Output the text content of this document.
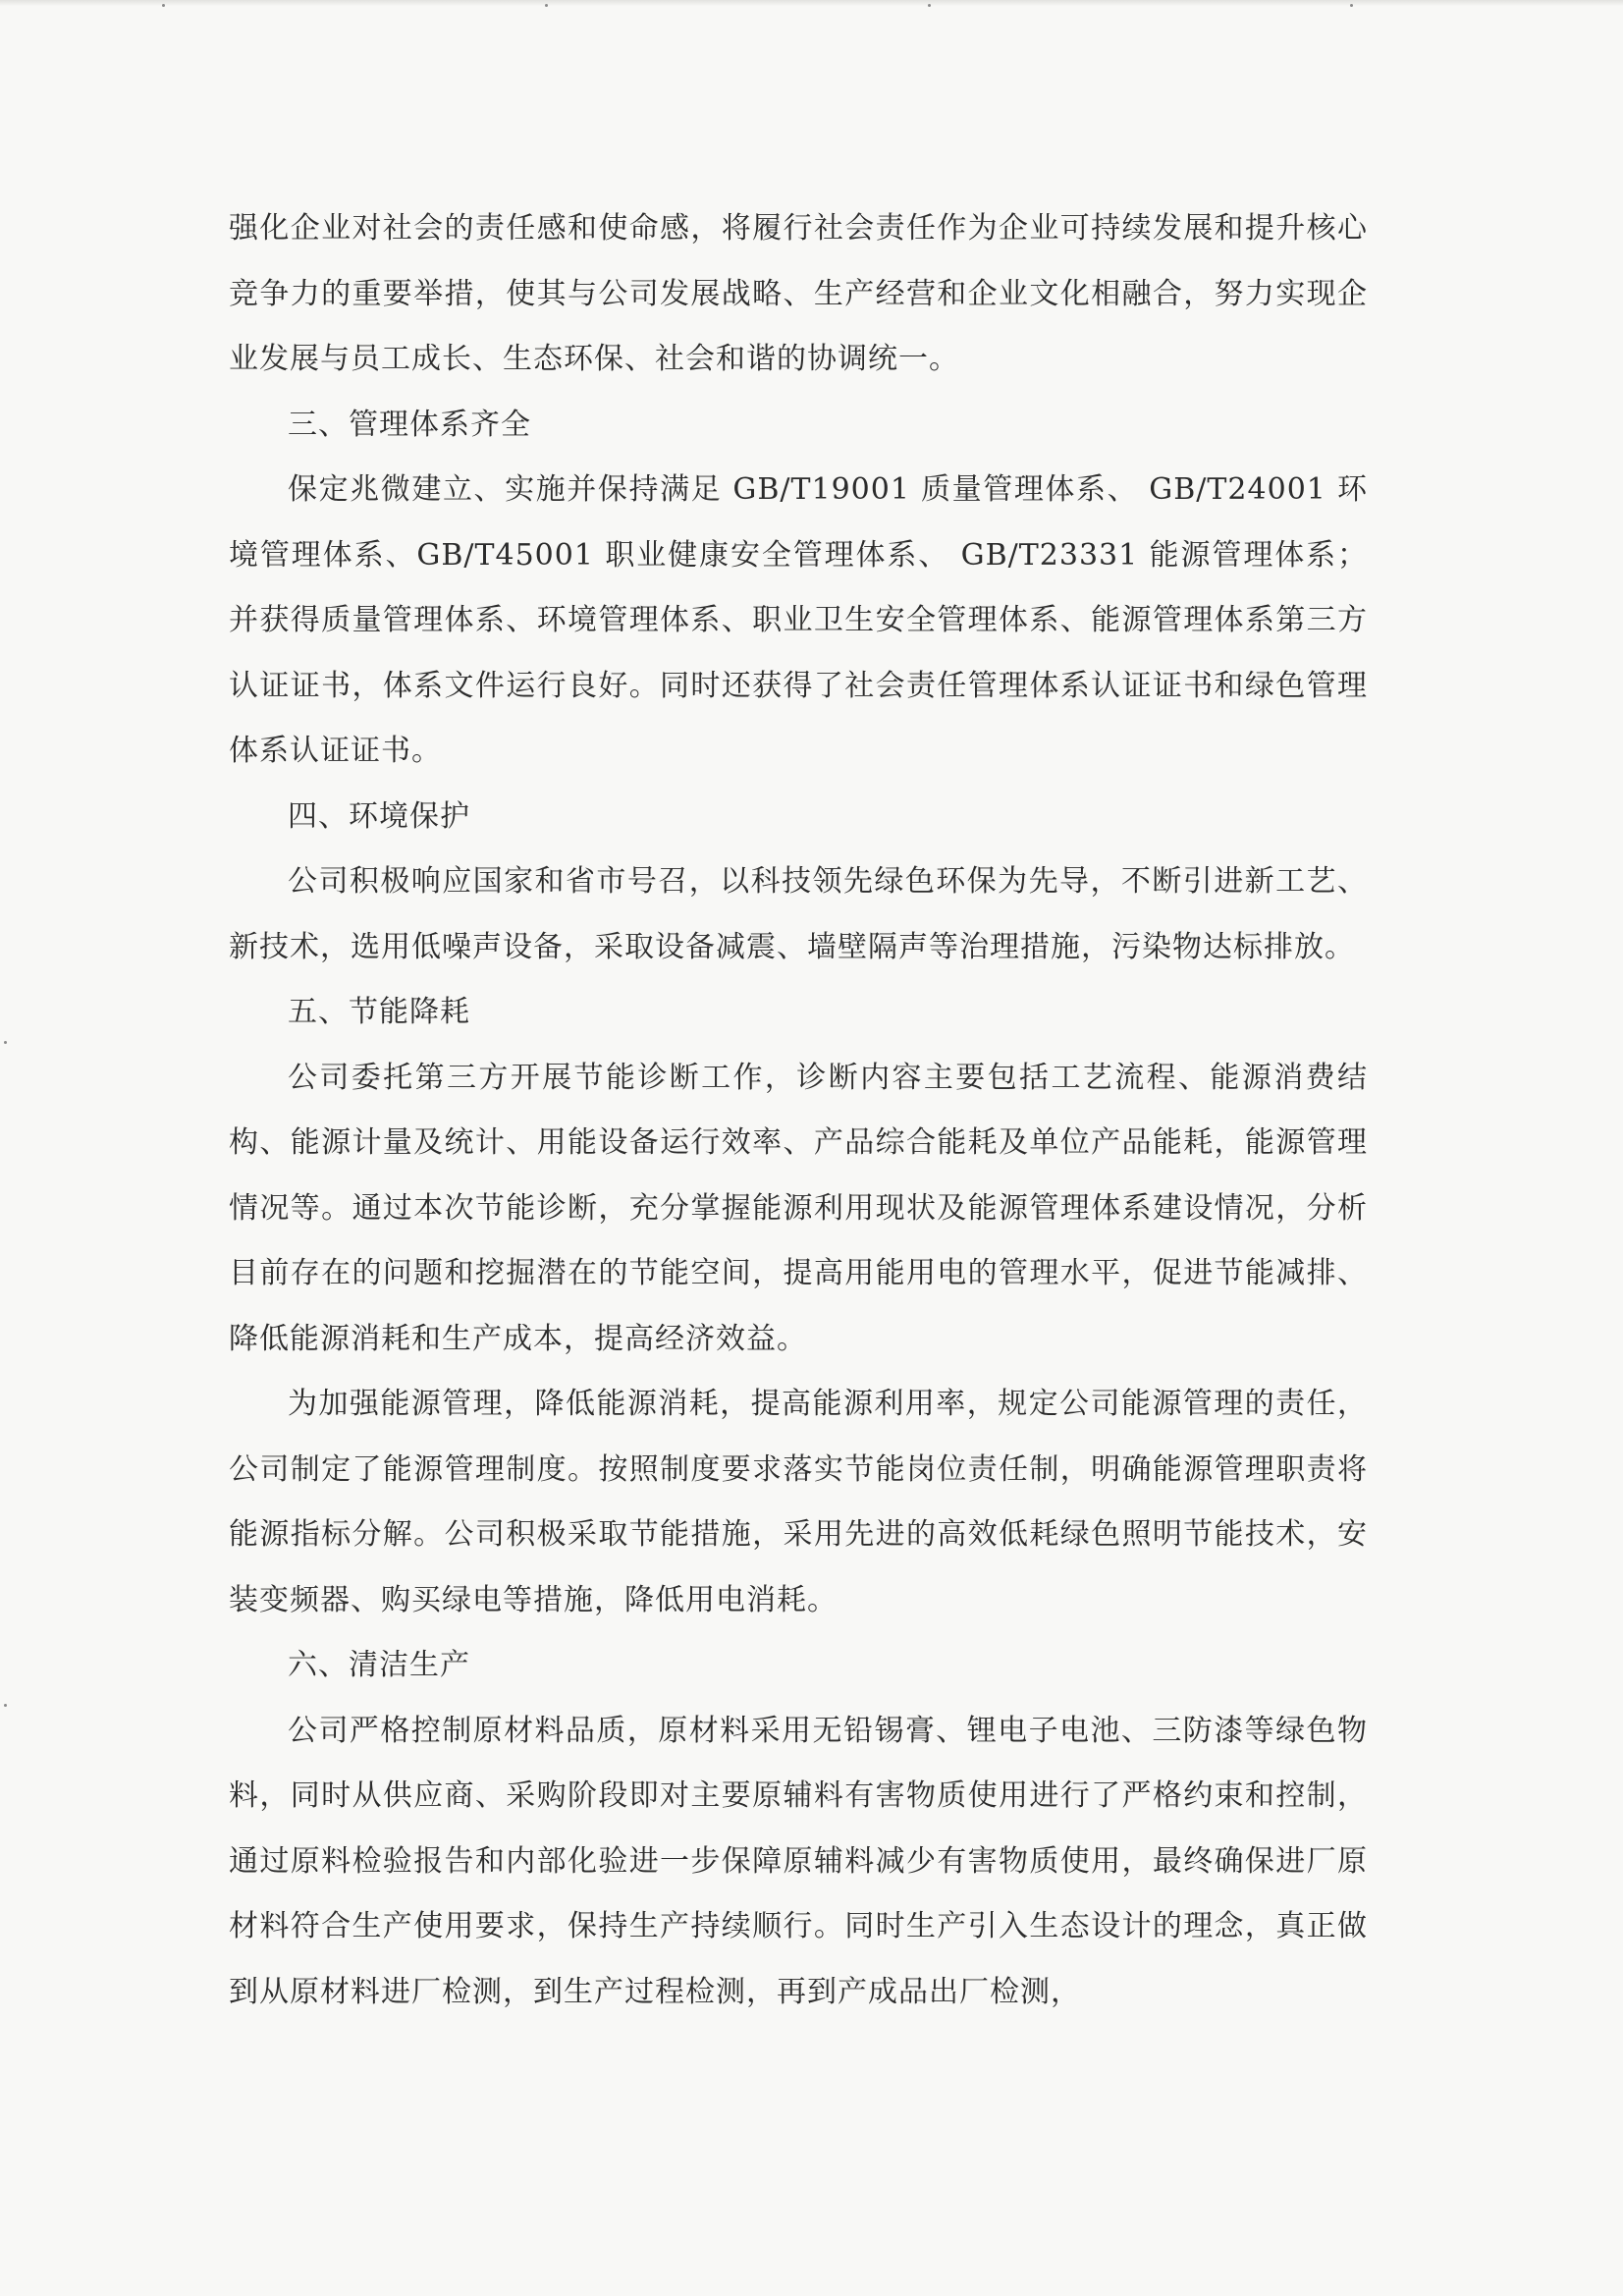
强化企业对社会的责任感和使命感，将履行社会责任作为企业可持续发展和提升核心竞争力的重要举措，使其与公司发展战略、生产经营和企业文化相融合，努力实现企业发展与员工成长、生态环保、社会和谐的协调统一。

三、管理体系齐全

保定兆微建立、实施并保持满足 GB/T19001 质量管理体系、 GB/T24001 环境管理体系、GB/T45001 职业健康安全管理体系、 GB/T23331 能源管理体系；并获得质量管理体系、环境管理体系、职业卫生安全管理体系、能源管理体系第三方认证证书，体系文件运行良好。同时还获得了社会责任管理体系认证证书和绿色管理体系认证证书。

四、环境保护

公司积极响应国家和省市号召，以科技领先绿色环保为先导，不断引进新工艺、新技术，选用低噪声设备，采取设备减震、墙壁隔声等治理措施，污染物达标排放。

五、节能降耗

公司委托第三方开展节能诊断工作，诊断内容主要包括工艺流程、能源消费结构、能源计量及统计、用能设备运行效率、产品综合能耗及单位产品能耗，能源管理情况等。通过本次节能诊断，充分掌握能源利用现状及能源管理体系建设情况，分析目前存在的问题和挖掘潜在的节能空间，提高用能用电的管理水平，促进节能减排、降低能源消耗和生产成本，提高经济效益。

为加强能源管理，降低能源消耗，提高能源利用率，规定公司能源管理的责任，公司制定了能源管理制度。按照制度要求落实节能岗位责任制，明确能源管理职责将能源指标分解。公司积极采取节能措施，采用先进的高效低耗绿色照明节能技术，安装变频器、购买绿电等措施，降低用电消耗。

六、清洁生产

公司严格控制原材料品质，原材料采用无铅锡膏、锂电子电池、三防漆等绿色物料，同时从供应商、采购阶段即对主要原辅料有害物质使用进行了严格约束和控制，通过原料检验报告和内部化验进一步保障原辅料减少有害物质使用，最终确保进厂原材料符合生产使用要求，保持生产持续顺行。同时生产引入生态设计的理念，真正做到从原材料进厂检测，到生产过程检测，再到产成品出厂检测，
